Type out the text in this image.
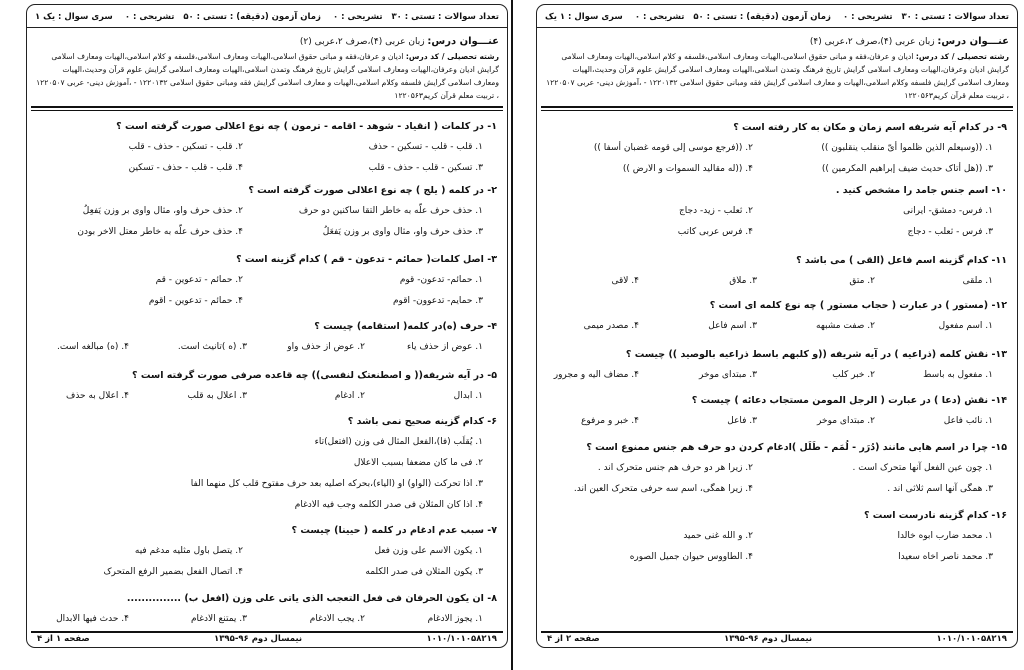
تعداد سوالات : تستی : ۳۰   تشریحی : ۰
زمان آزمون (دقیقه) : تستی : ۵۰   تشریحی : ۰
سری سوال : یک ۱
عنـــوان درس: زبان عربی (۴)،صرف ۲،عربی (۲)
رشته تحصیلی / کد درس: ادیان و عرفان،فقه و مبانی حقوق اسلامی،الهیات ومعارف اسلامی،فلسفه و کلام اسلامی،الهیات ومعارف اسلامی گرایش ادیان وعرفان،الهیات ومعارف اسلامی گرایش تاریخ فرهنگ وتمدن اسلامی،الهیات ومعارف اسلامی گرایش علوم قرآن وحدیث،الهیات ومعارف اسلامی گرایش فلسفه وکلام اسلامی،الهیات و معارف اسلامی گرایش فقه ومبانی حقوق اسلامی ۱۲۲۰۱۳۲ - ،آموزش دینی- عربی ۱۲۲۰۵۰۷ ، تربیت معلم قرآن کریم۱۲۲۰۵۶۳
۱- در کلمات ( انقیاد - شوهد - اقامه - ترمون ) چه نوع اعلالی صورت گرفته است ؟
۱. قلب - قلب - تسکین - حذف
۲. قلب - تسکین - حذف - قلب
۳. تسکین - قلب - حذف - قلب
۴. قلب - قلب - حذف - تسکین
۲- در کلمه ( یلج ) چه نوع اعلالی صورت گرفته است ؟
۱. حذف حرف علّه به خاطر التقا ساکنین دو حرف
۲. حذف حرف واو، مثال واوی بر وزن یَفعِلُ
۳. حذف حرف واو، مثال واوی بر وزن یَفعَلُ
۴. حذف حرف علّه به خاطر معتل الاخر بودن
۳- اصل کلمات( حمائم - تدعون - قم ) کدام گزینه است ؟
۱. حمائم- تدعون- قوم
۲. حمائم - تدعوین - قم
۳. حمایم- تدعوون- اقوم
۴. حمائم - تدعوین - اقوم
۴- حرف (ه)در کلمه( استقامه) چیست ؟
۱. عوض از حذف یاء
۲. عوض از حذف واو
۳. (ه )تانیث است.
۴. (ه) مبالغه است.
۵- در آیه شریفه(( و اصطنعتک لنفسی)) چه قاعده صرفی صورت گرفته است ؟
۱. ابدال
۲. ادغام
۳. اعلال به قلب
۴. اعلال به حذف
۶- کدام گزینه صحیح نمی باشد ؟
۱. یُقلَب (فا)،الفعل المثال فی وزن (افتعل)تاء
۲. فی ما کان مضعفا بسبب الاعلال
۳. اذا تحرکت (الواو) او (الیاء)،بحرکه اصلیه بعد حرف مفتوح قلب کل منهما الفا
۴. اذا کان المثلان فی صدر الکلمه وجب فیه الادغام
۷- سبب عدم ادغام در کلمه ( حیینا) چیست ؟
۱. یکون الاسم علی وزن فعل
۲. یتصل باول مثلیه مدغم فیه
۳. یکون المثلان فی صدر الکلمه
۴. اتصال الفعل بضمیر الرفع المتحرک
۸- ان یکون الحرفان فی فعل التعجب الذی یاتی علی وزن (افعل ب) ...............
۱. یجوز الادغام
۲. یجب الادغام
۳. یمتنع الادغام
۴. حدث فیها الابدال
۱۰۱۰/۱۰۱۰۵۸۲۱۹
نیمسال دوم ۹۶-۱۳۹۵
صفحه ۱ از ۴
تعداد سوالات : تستی : ۳۰   تشریحی : ۰
زمان آزمون (دقیقه) : تستی : ۵۰   تشریحی : ۰
سری سوال : ۱ یک
عنـــوان درس: زبان عربی (۴)،صرف ۲،عربی (۴)
رشته تحصیلی / کد درس: ادیان و عرفان،فقه و مبانی حقوق اسلامی،الهیات ومعارف اسلامی،فلسفه و کلام اسلامی،الهیات ومعارف اسلامی گرایش ادیان وعرفان،الهیات ومعارف اسلامی گرایش تاریخ فرهنگ وتمدن اسلامی،الهیات ومعارف اسلامی گرایش علوم قرآن وحدیث،الهیات ومعارف اسلامی گرایش فلسفه وکلام اسلامی،الهیات و معارف اسلامی گرایش فقه ومبانی حقوق اسلامی ۱۲۲۰۱۳۲ - ،آموزش دینی- عربی ۱۲۲۰۵۰۷ ، تربیت معلم قرآن کریم۱۲۲۰۵۶۳
۹- در کدام آیه شریفه اسم زمان و مکان به کار رفته است ؟
۱. ((وسیعلم الذین ظلموا أیّ منقلب ینقلبون ))
۲. ((فرجع موسی إلی قومه غضبان أسفا ))
۳. ((هل أتاک حدیث ضیف إبراهیم المکرمین ))
۴. ((له مقالید السموات و الارض ))
۱۰- اسم جنس جامد را مشخص کنید .
۱. فرس- دمشق- ایرانی
۲. ثعلب - زید- دجاج
۳. فرس - ثعلب - دجاج
۴. فرس عربی کاتب
۱۱- کدام گزینه اسم فاعل (القی ) می باشد ؟
۱. ملقی
۲. متق
۳. ملاق
۴. لاقی
۱۲- (مستور ) در عبارت ( حجاب مستور ) چه نوع کلمه ای است ؟
۱. اسم مفعول
۲. صفت مشبهه
۳. اسم فاعل
۴. مصدر میمی
۱۳- نقش کلمه (ذراعیه ) در آیه شریفه ((و کلبهم باسط ذراعیه بالوصید )) چیست ؟
۱. مفعول به باسط
۲. خبر کلب
۳. مبتدای موخر
۴. مضاف الیه و مجرور
۱۴- نقش (دعا ) در عبارت ( الرجل المومن مستجاب دعائه ) چیست ؟
۱. نائب فاعل
۲. مبتدای موخر
۳. فاعل
۴. خبر و مرفوع
۱۵- چرا در اسم هایی مانند (دُرَر - لُمَم - طَلَل )ادغام کردن دو حرف هم جنس ممنوع است ؟
۱. چون عین الفعل آنها متحرک است .
۲. زیرا هر دو حرف هم جنس متحرک اند .
۳. همگی آنها اسم ثلاثی اند .
۴. زیرا همگی، اسم سه حرفی متحرک العین اند.
۱۶- کدام گزینه نادرست است ؟
۱. محمد ضارب ابوه خالدا
۲. و الله غنی حمید
۳. محمد ناصر اخاه سعیدا
۴. الطاووس حیوان جمیل الصوره
۱۰۱۰/۱۰۱۰۵۸۲۱۹
نیمسال دوم ۹۶-۱۳۹۵
صفحه ۲ از ۴
